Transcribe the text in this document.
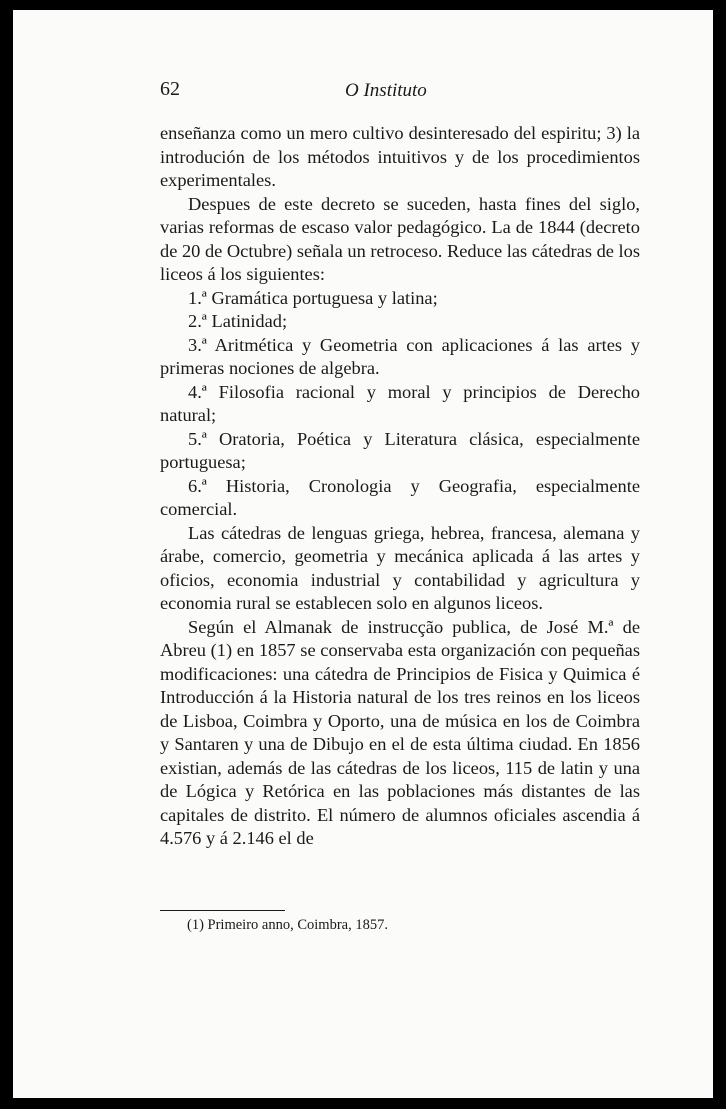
62	O Instituto

enseñanza como un mero cultivo desinteresado del espiritu; 3) la introdución de los métodos intuitivos y de los procedimientos experimentales.

Despues de este decreto se suceden, hasta fines del siglo, varias reformas de escaso valor pedagógico. La de 1844 (decreto de 20 de Octubre) señala un retroceso. Reduce las cátedras de los liceos á los siguientes:

1.ª Gramática portuguesa y latina;

2.ª Latinidad;

3.ª Aritmética y Geometria con aplicaciones á las artes y primeras nociones de algebra.

4.ª Filosofia racional y moral y principios de Derecho natural;

5.ª Oratoria, Poética y Literatura clásica, especialmente portuguesa;

6.ª Historia, Cronologia y Geografia, especialmente comercial.

Las cátedras de lenguas griega, hebrea, francesa, alemana y árabe, comercio, geometria y mecánica aplicada á las artes y oficios, economia industrial y contabilidad y agricultura y economia rural se establecen solo en algunos liceos.

Según el Almanak de instrucção publica, de José M.ª de Abreu (1) en 1857 se conservaba esta organización con pequeñas modificaciones: una cátedra de Principios de Fisica y Quimica é Introducción á la Historia natural de los tres reinos en los liceos de Lisboa, Coimbra y Oporto, una de música en los de Coimbra y Santaren y una de Dibujo en el de esta última ciudad. En 1856 existian, además de las cátedras de los liceos, 115 de latin y una de Lógica y Retórica en las poblaciones más distantes de las capitales de distrito. El número de alumnos oficiales ascendia á 4.576 y á 2.146 el de

(1) Primeiro anno, Coimbra, 1857.
